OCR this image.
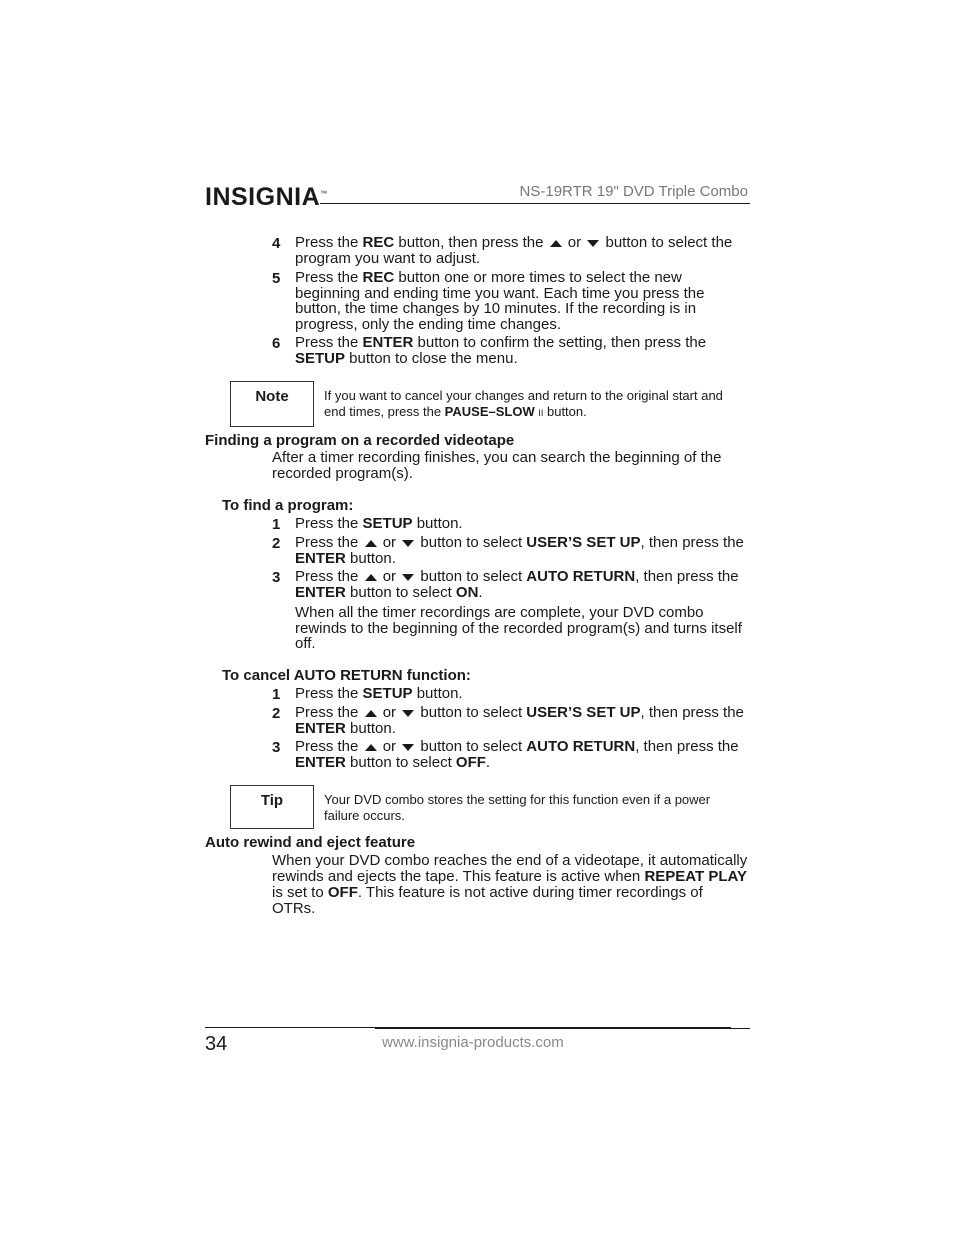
INSIGNIA™	NS-19RTR 19" DVD Triple Combo
4 Press the REC button, then press the  or  button to select the program you want to adjust.
5 Press the REC button one or more times to select the new beginning and ending time you want. Each time you press the button, the time changes by 10 minutes. If the recording is in progress, only the ending time changes.
6 Press the ENTER button to confirm the setting, then press the SETUP button to close the menu.
Note	If you want to cancel your changes and return to the original start and end times, press the PAUSE–SLOW II button.
Finding a program on a recorded videotape
After a timer recording finishes, you can search the beginning of the recorded program(s).
To find a program:
1 Press the SETUP button.
2 Press the  or  button to select USER’S SET UP, then press the ENTER button.
3 Press the  or  button to select AUTO RETURN, then press the ENTER button to select ON.
When all the timer recordings are complete, your DVD combo rewinds to the beginning of the recorded program(s) and turns itself off.
To cancel AUTO RETURN function:
1 Press the SETUP button.
2 Press the  or  button to select USER’S SET UP, then press the ENTER button.
3 Press the  or  button to select AUTO RETURN, then press the ENTER button to select OFF.
Tip	Your DVD combo stores the setting for this function even if a power failure occurs.
Auto rewind and eject feature
When your DVD combo reaches the end of a videotape, it automatically rewinds and ejects the tape. This feature is active when REPEAT PLAY is set to OFF. This feature is not active during timer recordings of OTRs.
34	www.insignia-products.com
